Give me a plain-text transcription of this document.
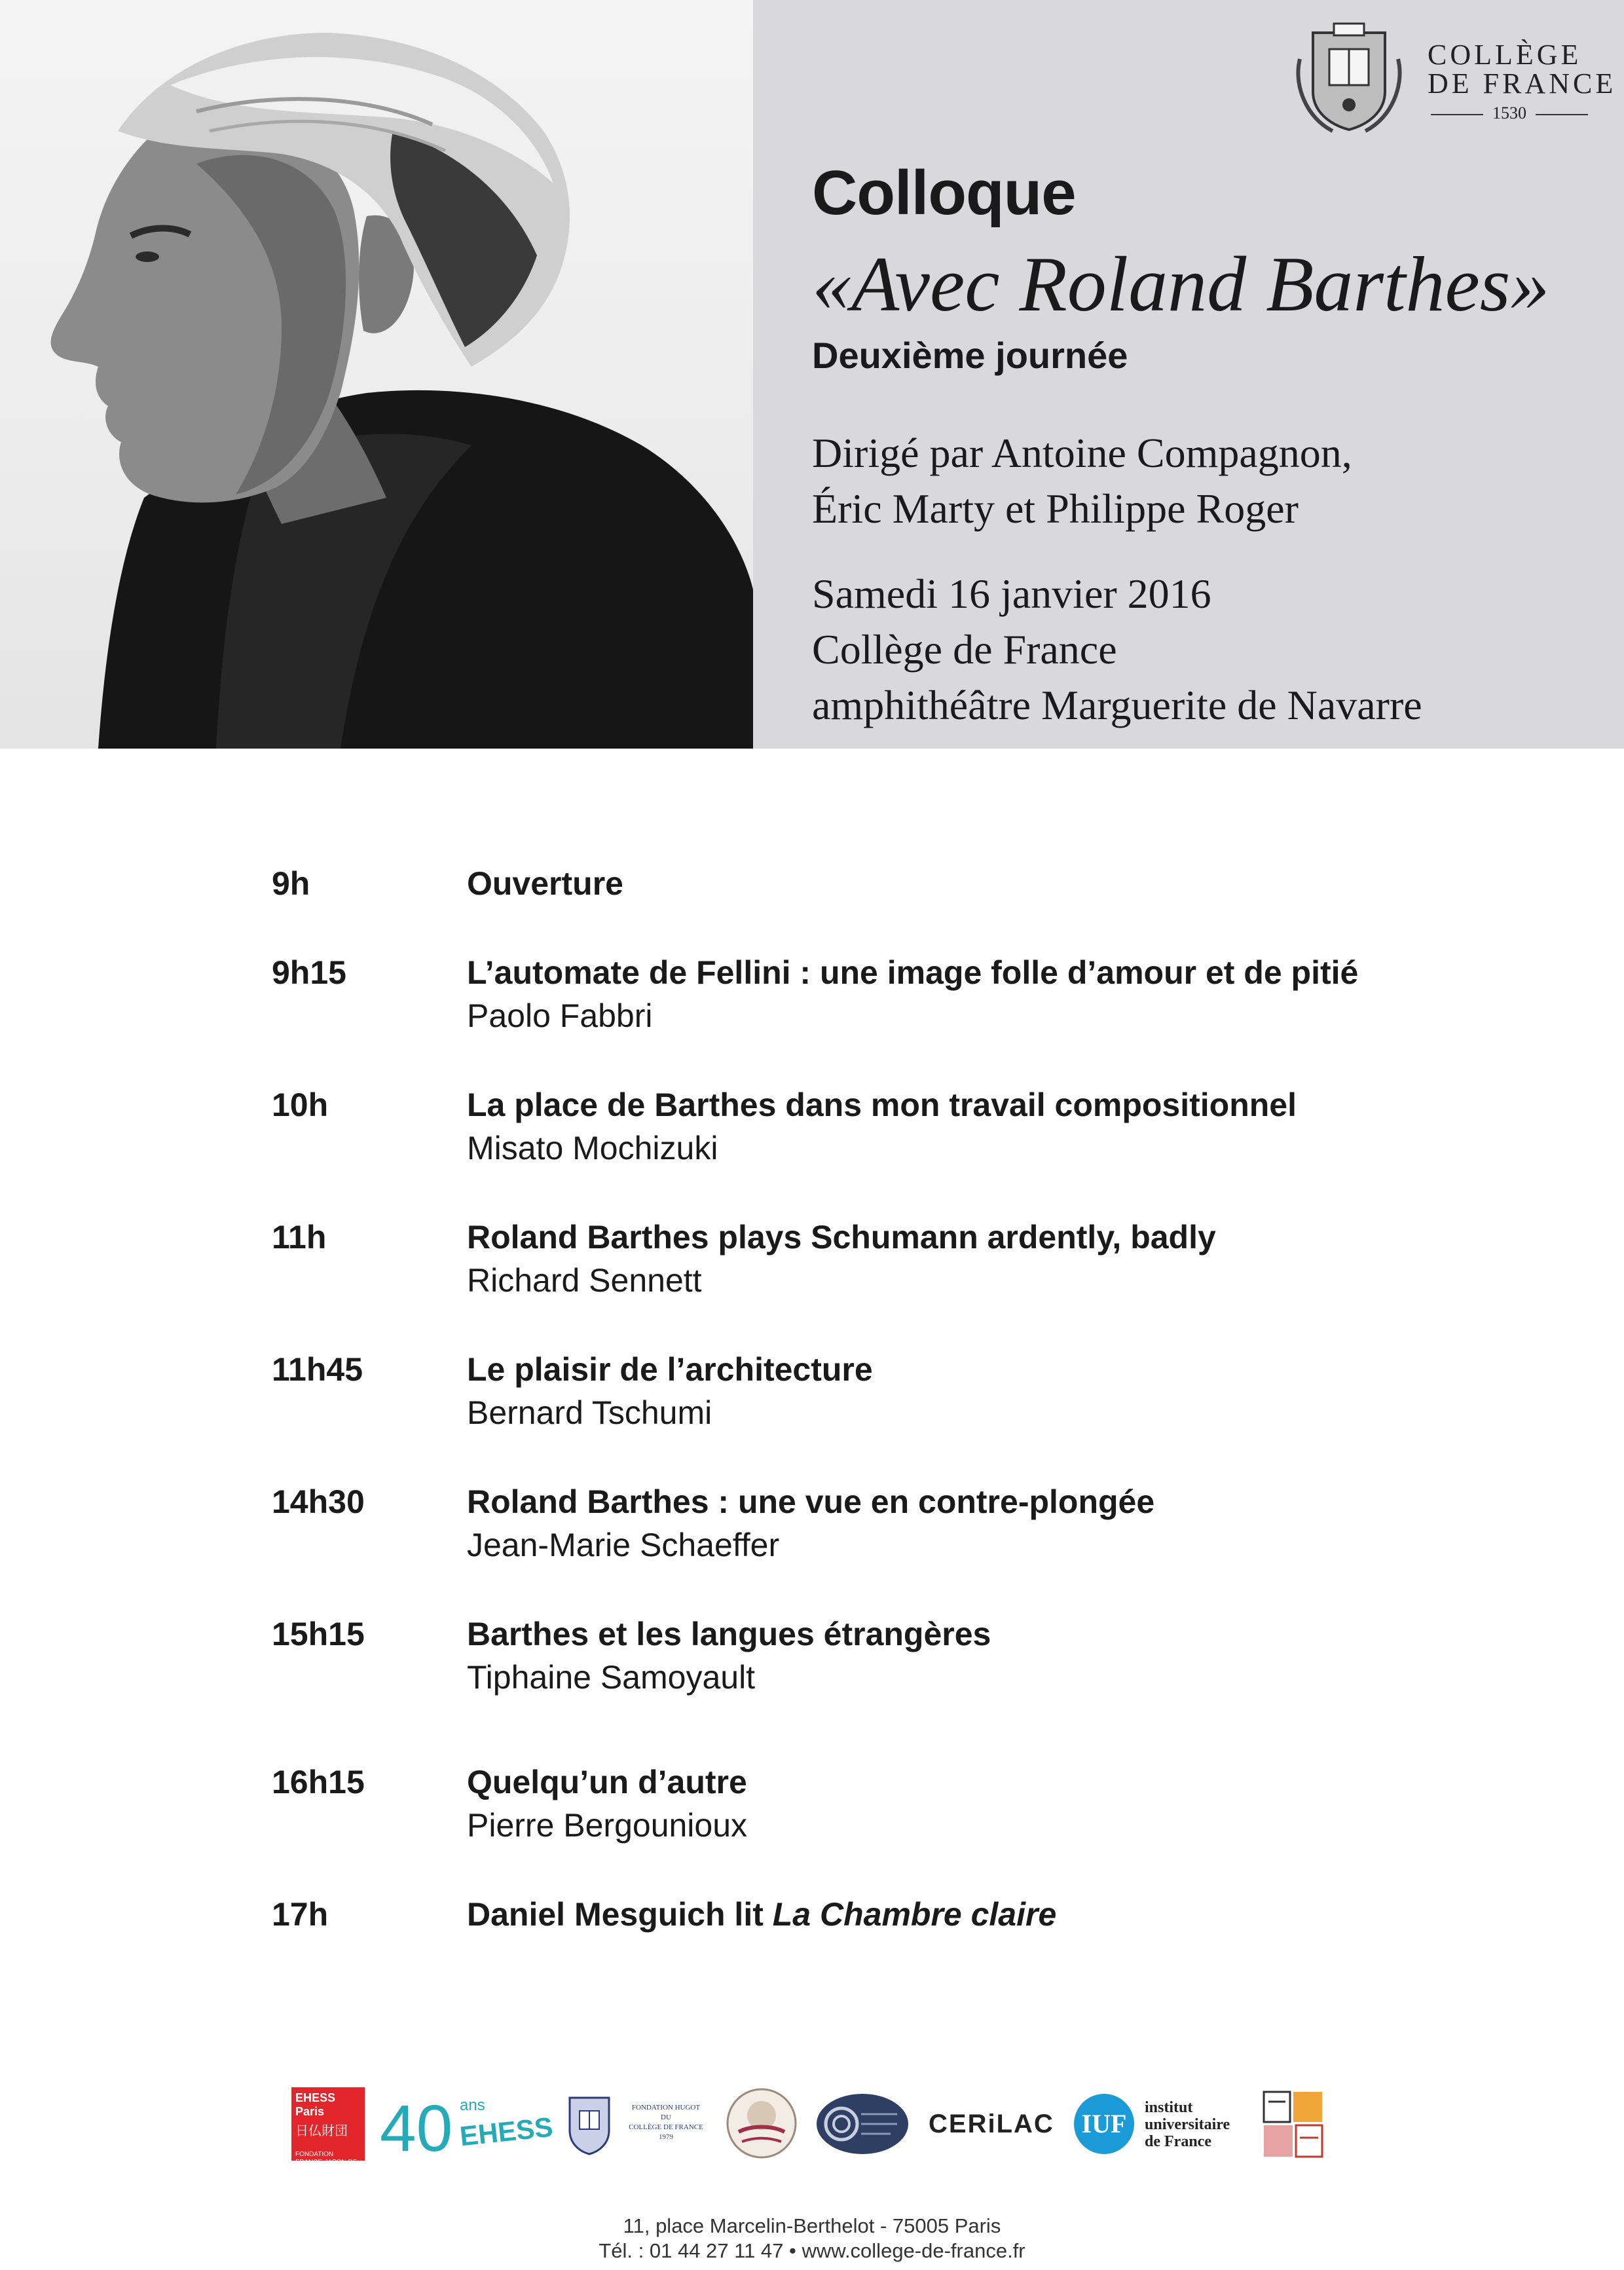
COLLÈGE
DE FRANCE
1530
Colloque
«Avec Roland Barthes»
Deuxième journée
Dirigé par Antoine Compagnon,
Éric Marty et Philippe Roger
Samedi 16 janvier 2016
Collège de France
amphithéâtre Marguerite de Navarre
9h	Ouverture
9h15	L’automate de Fellini : une image folle d’amour et de pitié
Paolo Fabbri
10h	La place de Barthes dans mon travail compositionnel
Misato Mochizuki
11h	Roland Barthes plays Schumann ardently, badly
Richard Sennett
11h45	Le plaisir de l’architecture
Bernard Tschumi
14h30	Roland Barthes : une vue en contre-plongée
Jean-Marie Schaeffer
15h15	Barthes et les langues étrangères
Tiphaine Samoyault
16h15	Quelqu’un d’autre
Pierre Bergounioux
17h	Daniel Mesguich lit La Chambre claire
EHESS Paris
日仏財団
FONDATION FRANCE-JAPON DE L'EHESS
40 ans
EHESS
FONDATION HUGOT
DU
COLLÈGE DE FRANCE
1979	CERiLAC IUF
institut
universitaire
de France
11, place Marcelin-Berthelot - 75005 Paris
Tél. : 01 44 27 11 47 • www.college-de-france.fr
